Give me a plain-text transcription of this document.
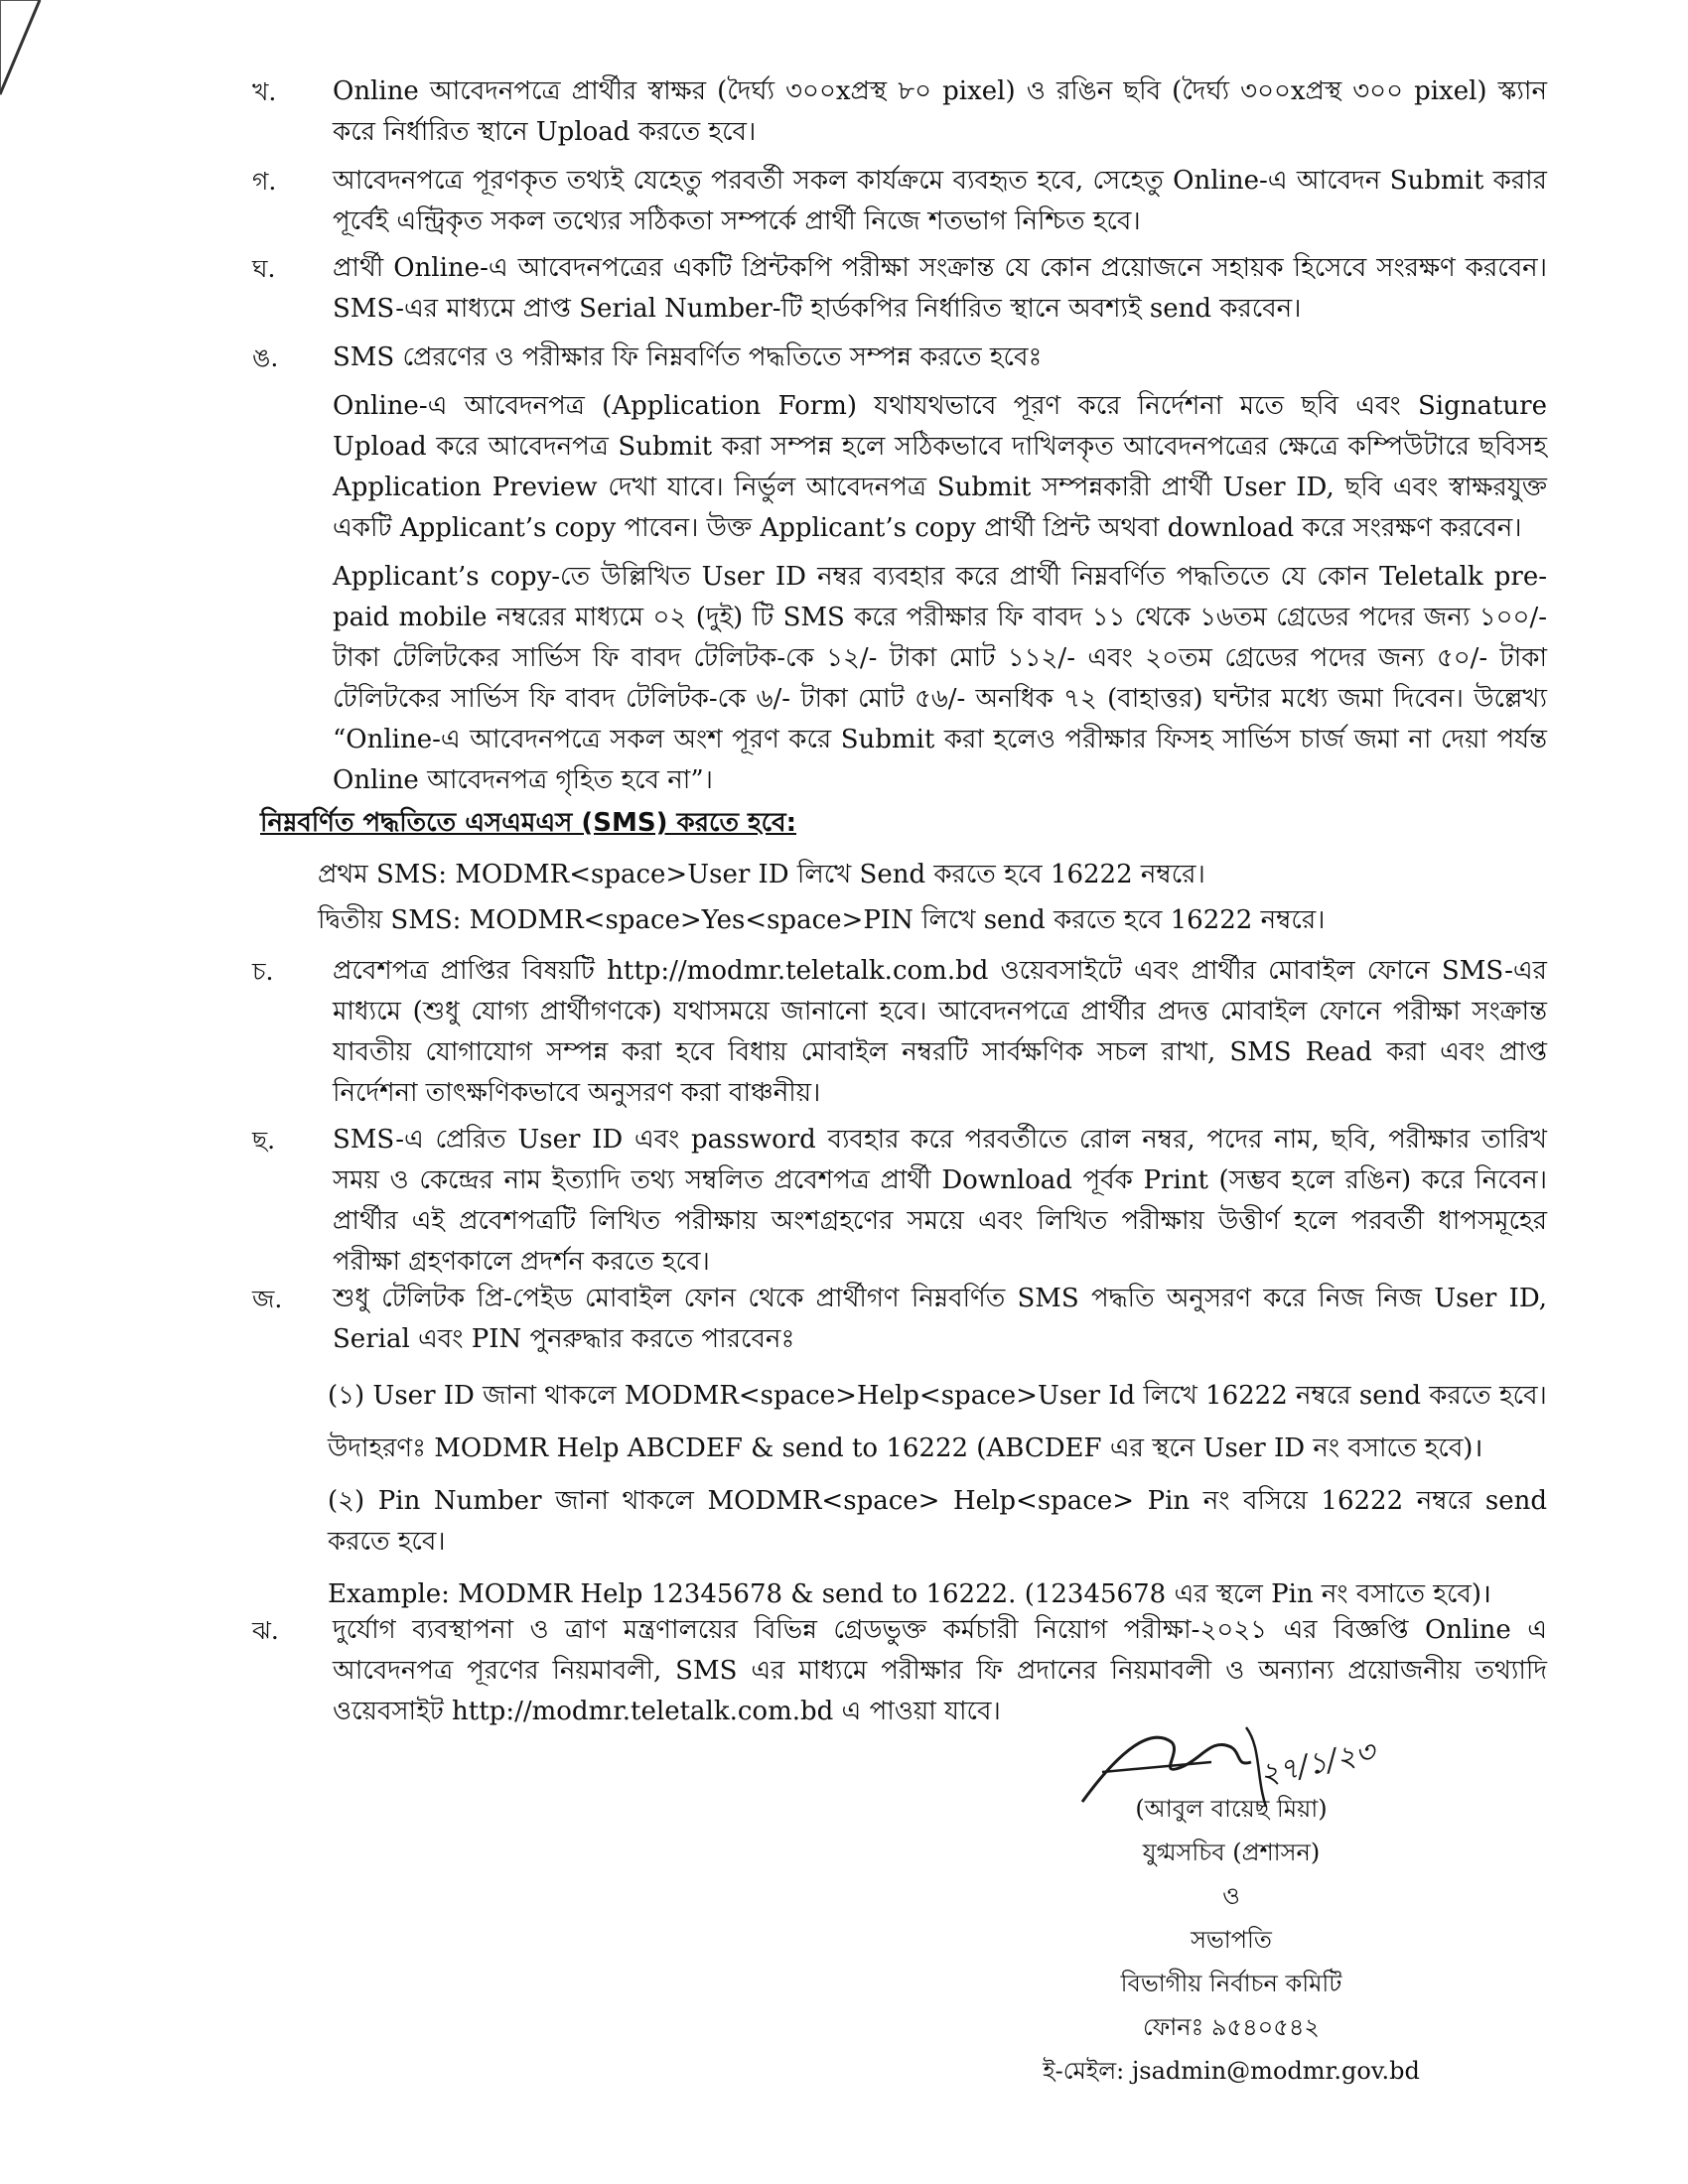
খ. Online আবেদনপত্রে প্রার্থীর স্বাক্ষর (দৈর্ঘ্য ৩০০xপ্রস্থ ৮০ pixel) ও রঙিন ছবি (দৈর্ঘ্য ৩০০xপ্রস্থ ৩০০ pixel) স্ক্যান করে নির্ধারিত স্থানে Upload করতে হবে।

গ. আবেদনপত্রে পূরণকৃত তথ্যই যেহেতু পরবর্তী সকল কার্যক্রমে ব্যবহৃত হবে, সেহেতু Online-এ আবেদন Submit করার পূর্বেই এন্ট্রিকৃত সকল তথ্যের সঠিকতা সম্পর্কে প্রার্থী নিজে শতভাগ নিশ্চিত হবে।

ঘ. প্রার্থী Online-এ আবেদনপত্রের একটি প্রিন্টকপি পরীক্ষা সংক্রান্ত যে কোন প্রয়োজনে সহায়ক হিসেবে সংরক্ষণ করবেন। SMS-এর মাধ্যমে প্রাপ্ত Serial Number-টি হার্ডকপির নির্ধারিত স্থানে অবশ্যই send করবেন।

ঙ. SMS প্রেরণের ও পরীক্ষার ফি নিম্নবর্ণিত পদ্ধতিতে সম্পন্ন করতে হবেঃ

Online-এ আবেদনপত্র (Application Form) যথাযথভাবে পূরণ করে নির্দেশনা মতে ছবি এবং Signature Upload করে আবেদনপত্র Submit করা সম্পন্ন হলে সঠিকভাবে দাখিলকৃত আবেদনপত্রের ক্ষেত্রে কম্পিউটারে ছবিসহ Application Preview দেখা যাবে। নির্ভুল আবেদনপত্র Submit সম্পন্নকারী প্রার্থী User ID, ছবি এবং স্বাক্ষরযুক্ত একটি Applicant’s copy পাবেন। উক্ত Applicant’s copy প্রার্থী প্রিন্ট অথবা download করে সংরক্ষণ করবেন।

Applicant’s copy-তে উল্লিখিত User ID নম্বর ব্যবহার করে প্রার্থী নিম্নবর্ণিত পদ্ধতিতে যে কোন Teletalk pre-paid mobile নম্বরের মাধ্যমে ০২ (দুই) টি SMS করে পরীক্ষার ফি বাবদ ১১ থেকে ১৬তম গ্রেডের পদের জন্য ১০০/- টাকা টেলিটকের সার্ভিস ফি বাবদ টেলিটক-কে ১২/- টাকা মোট ১১২/- এবং ২০তম গ্রেডের পদের জন্য ৫০/- টাকা টেলিটকের সার্ভিস ফি বাবদ টেলিটক-কে ৬/- টাকা মোট ৫৬/- অনধিক ৭২ (বাহাত্তর) ঘন্টার মধ্যে জমা দিবেন। উল্লেখ্য “Online-এ আবেদনপত্রে সকল অংশ পূরণ করে Submit করা হলেও পরীক্ষার ফিসহ সার্ভিস চার্জ জমা না দেয়া পর্যন্ত Online আবেদনপত্র গৃহিত হবে না”।

নিম্নবর্ণিত পদ্ধতিতে এসএমএস (SMS) করতে হবে:

প্রথম SMS: MODMR<space>User ID লিখে Send করতে হবে 16222 নম্বরে।

দ্বিতীয় SMS: MODMR<space>Yes<space>PIN লিখে send করতে হবে 16222 নম্বরে।

চ. প্রবেশপত্র প্রাপ্তির বিষয়টি http://modmr.teletalk.com.bd ওয়েবসাইটে এবং প্রার্থীর মোবাইল ফোনে SMS-এর মাধ্যমে (শুধু যোগ্য প্রার্থীগণকে) যথাসময়ে জানানো হবে। আবেদনপত্রে প্রার্থীর প্রদত্ত মোবাইল ফোনে পরীক্ষা সংক্রান্ত যাবতীয় যোগাযোগ সম্পন্ন করা হবে বিধায় মোবাইল নম্বরটি সার্বক্ষণিক সচল রাখা, SMS Read করা এবং প্রাপ্ত নির্দেশনা তাৎক্ষণিকভাবে অনুসরণ করা বাঞ্চনীয়।

ছ. SMS-এ প্রেরিত User ID এবং password ব্যবহার করে পরবর্তীতে রোল নম্বর, পদের নাম, ছবি, পরীক্ষার তারিখ সময় ও কেন্দ্রের নাম ইত্যাদি তথ্য সম্বলিত প্রবেশপত্র প্রার্থী Download পূর্বক Print (সম্ভব হলে রঙিন) করে নিবেন। প্রার্থীর এই প্রবেশপত্রটি লিখিত পরীক্ষায় অংশগ্রহণের সময়ে এবং লিখিত পরীক্ষায় উত্তীর্ণ হলে পরবর্তী ধাপসমূহের পরীক্ষা গ্রহণকালে প্রদর্শন করতে হবে।

জ. শুধু টেলিটক প্রি-পেইড মোবাইল ফোন থেকে প্রার্থীগণ নিম্নবর্ণিত SMS পদ্ধতি অনুসরণ করে নিজ নিজ User ID, Serial এবং PIN পুনরুদ্ধার করতে পারবেনঃ

(১) User ID জানা থাকলে MODMR<space>Help<space>User Id লিখে 16222 নম্বরে send করতে হবে।

উদাহরণঃ MODMR Help ABCDEF & send to 16222 (ABCDEF এর স্থনে User ID নং বসাতে হবে)।

(২) Pin Number জানা থাকলে MODMR<space> Help<space> Pin নং বসিয়ে 16222 নম্বরে send করতে হবে।

Example: MODMR Help 12345678 & send to 16222. (12345678 এর স্থলে Pin নং বসাতে হবে)।

ঝ. দুর্যোগ ব্যবস্থাপনা ও ত্রাণ মন্ত্রণালয়ের বিভিন্ন গ্রেডভুক্ত কর্মচারী নিয়োগ পরীক্ষা-২০২১ এর বিজ্ঞপ্তি Online এ আবেদনপত্র পূরণের নিয়মাবলী, SMS এর মাধ্যমে পরীক্ষার ফি প্রদানের নিয়মাবলী ও অন্যান্য প্রয়োজনীয় তথ্যাদি ওয়েবসাইট http://modmr.teletalk.com.bd এ পাওয়া যাবে।

২৭/১/২৩
(আবুল বায়েছ মিয়া)
যুগ্মসচিব (প্রশাসন)
ও
সভাপতি
বিভাগীয় নির্বাচন কমিটি
ফোনঃ ৯৫৪০৫৪২
ই-মেইল: jsadmin@modmr.gov.bd
